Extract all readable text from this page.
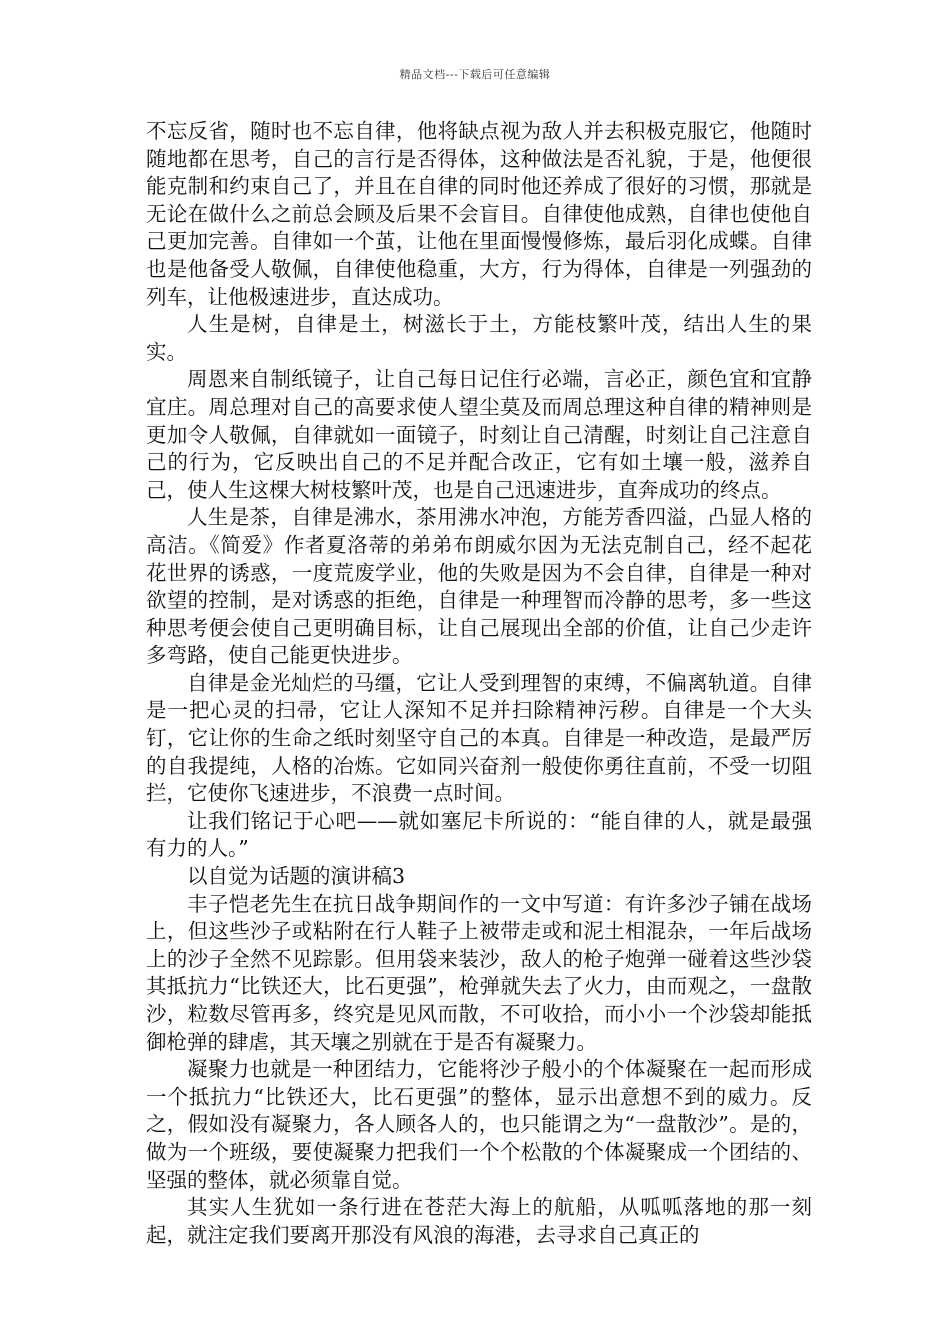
精品文档---下载后可任意编辑

不忘反省，随时也不忘自律，他将缺点视为敌人并去积极克服它，他随时随地都在思考，自己的言行是否得体，这种做法是否礼貌，于是，他便很能克制和约束自己了，并且在自律的同时他还养成了很好的习惯，那就是无论在做什么之前总会顾及后果不会盲目。自律使他成熟，自律也使他自己更加完善。自律如一个茧，让他在里面慢慢修炼，最后羽化成蝶。自律也是他备受人敬佩，自律使他稳重，大方，行为得体，自律是一列强劲的列车，让他极速进步，直达成功。

人生是树，自律是土，树滋长于土，方能枝繁叶茂，结出人生的果实。

周恩来自制纸镜子，让自己每日记住行必端，言必正，颜色宜和宜静宜庄。周总理对自己的高要求使人望尘莫及而周总理这种自律的精神则是更加令人敬佩，自律就如一面镜子，时刻让自己清醒，时刻让自己注意自己的行为，它反映出自己的不足并配合改正，它有如土壤一般，滋养自己，使人生这棵大树枝繁叶茂，也是自己迅速进步，直奔成功的终点。

人生是茶，自律是沸水，茶用沸水冲泡，方能芳香四溢，凸显人格的高洁。《简爱》作者夏洛蒂的弟弟布朗威尔因为无法克制自己，经不起花花世界的诱惑，一度荒废学业，他的失败是因为不会自律，自律是一种对欲望的控制，是对诱惑的拒绝，自律是一种理智而冷静的思考，多一些这种思考便会使自己更明确目标，让自己展现出全部的价值，让自己少走许多弯路，使自己能更快进步。

自律是金光灿烂的马缰，它让人受到理智的束缚，不偏离轨道。自律是一把心灵的扫帚，它让人深知不足并扫除精神污秽。自律是一个大头钉，它让你的生命之纸时刻坚守自己的本真。自律是一种改造，是最严厉的自我提纯，人格的冶炼。它如同兴奋剂一般使你勇往直前，不受一切阻拦，它使你飞速进步，不浪费一点时间。

让我们铭记于心吧——就如塞尼卡所说的：“能自律的人，就是最强有力的人。”

以自觉为话题的演讲稿3

丰子恺老先生在抗日战争期间作的一文中写道：有许多沙子铺在战场上，但这些沙子或粘附在行人鞋子上被带走或和泥土相混杂，一年后战场上的沙子全然不见踪影。但用袋来装沙，敌人的枪子炮弹一碰着这些沙袋其抵抗力“比铁还大，比石更强”，枪弹就失去了火力，由而观之，一盘散沙，粒数尽管再多，终究是见风而散，不可收拾，而小小一个沙袋却能抵御枪弹的肆虐，其天壤之别就在于是否有凝聚力。

凝聚力也就是一种团结力，它能将沙子般小的个体凝聚在一起而形成一个抵抗力“比铁还大，比石更强”的整体，显示出意想不到的威力。反之，假如没有凝聚力，各人顾各人的，也只能谓之为“一盘散沙”。是的，做为一个班级，要使凝聚力把我们一个个松散的个体凝聚成一个团结的、坚强的整体，就必须靠自觉。

其实人生犹如一条行进在苍茫大海上的航船，从呱呱落地的那一刻起，就注定我们要离开那没有风浪的海港，去寻求自己真正的
